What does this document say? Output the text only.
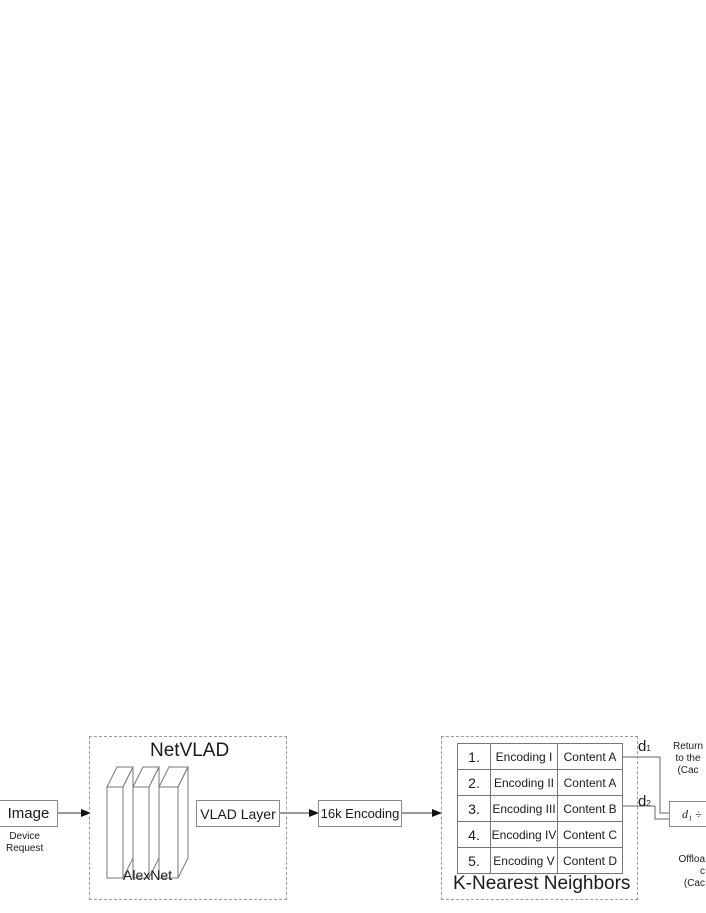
Image
Device
Request
NetVLAD
AlexNet
VLAD Layer	16k Encoding
1.	Encoding I	Content A
2.	Encoding II	Content A
3.	Encoding III	Content B
4.	Encoding IV	Content C
5.	Encoding V	Content D
K-Nearest Neighbors
d1
d2
d₁ ÷
Return
to the
(Cac
Offloa
c
(Cac
